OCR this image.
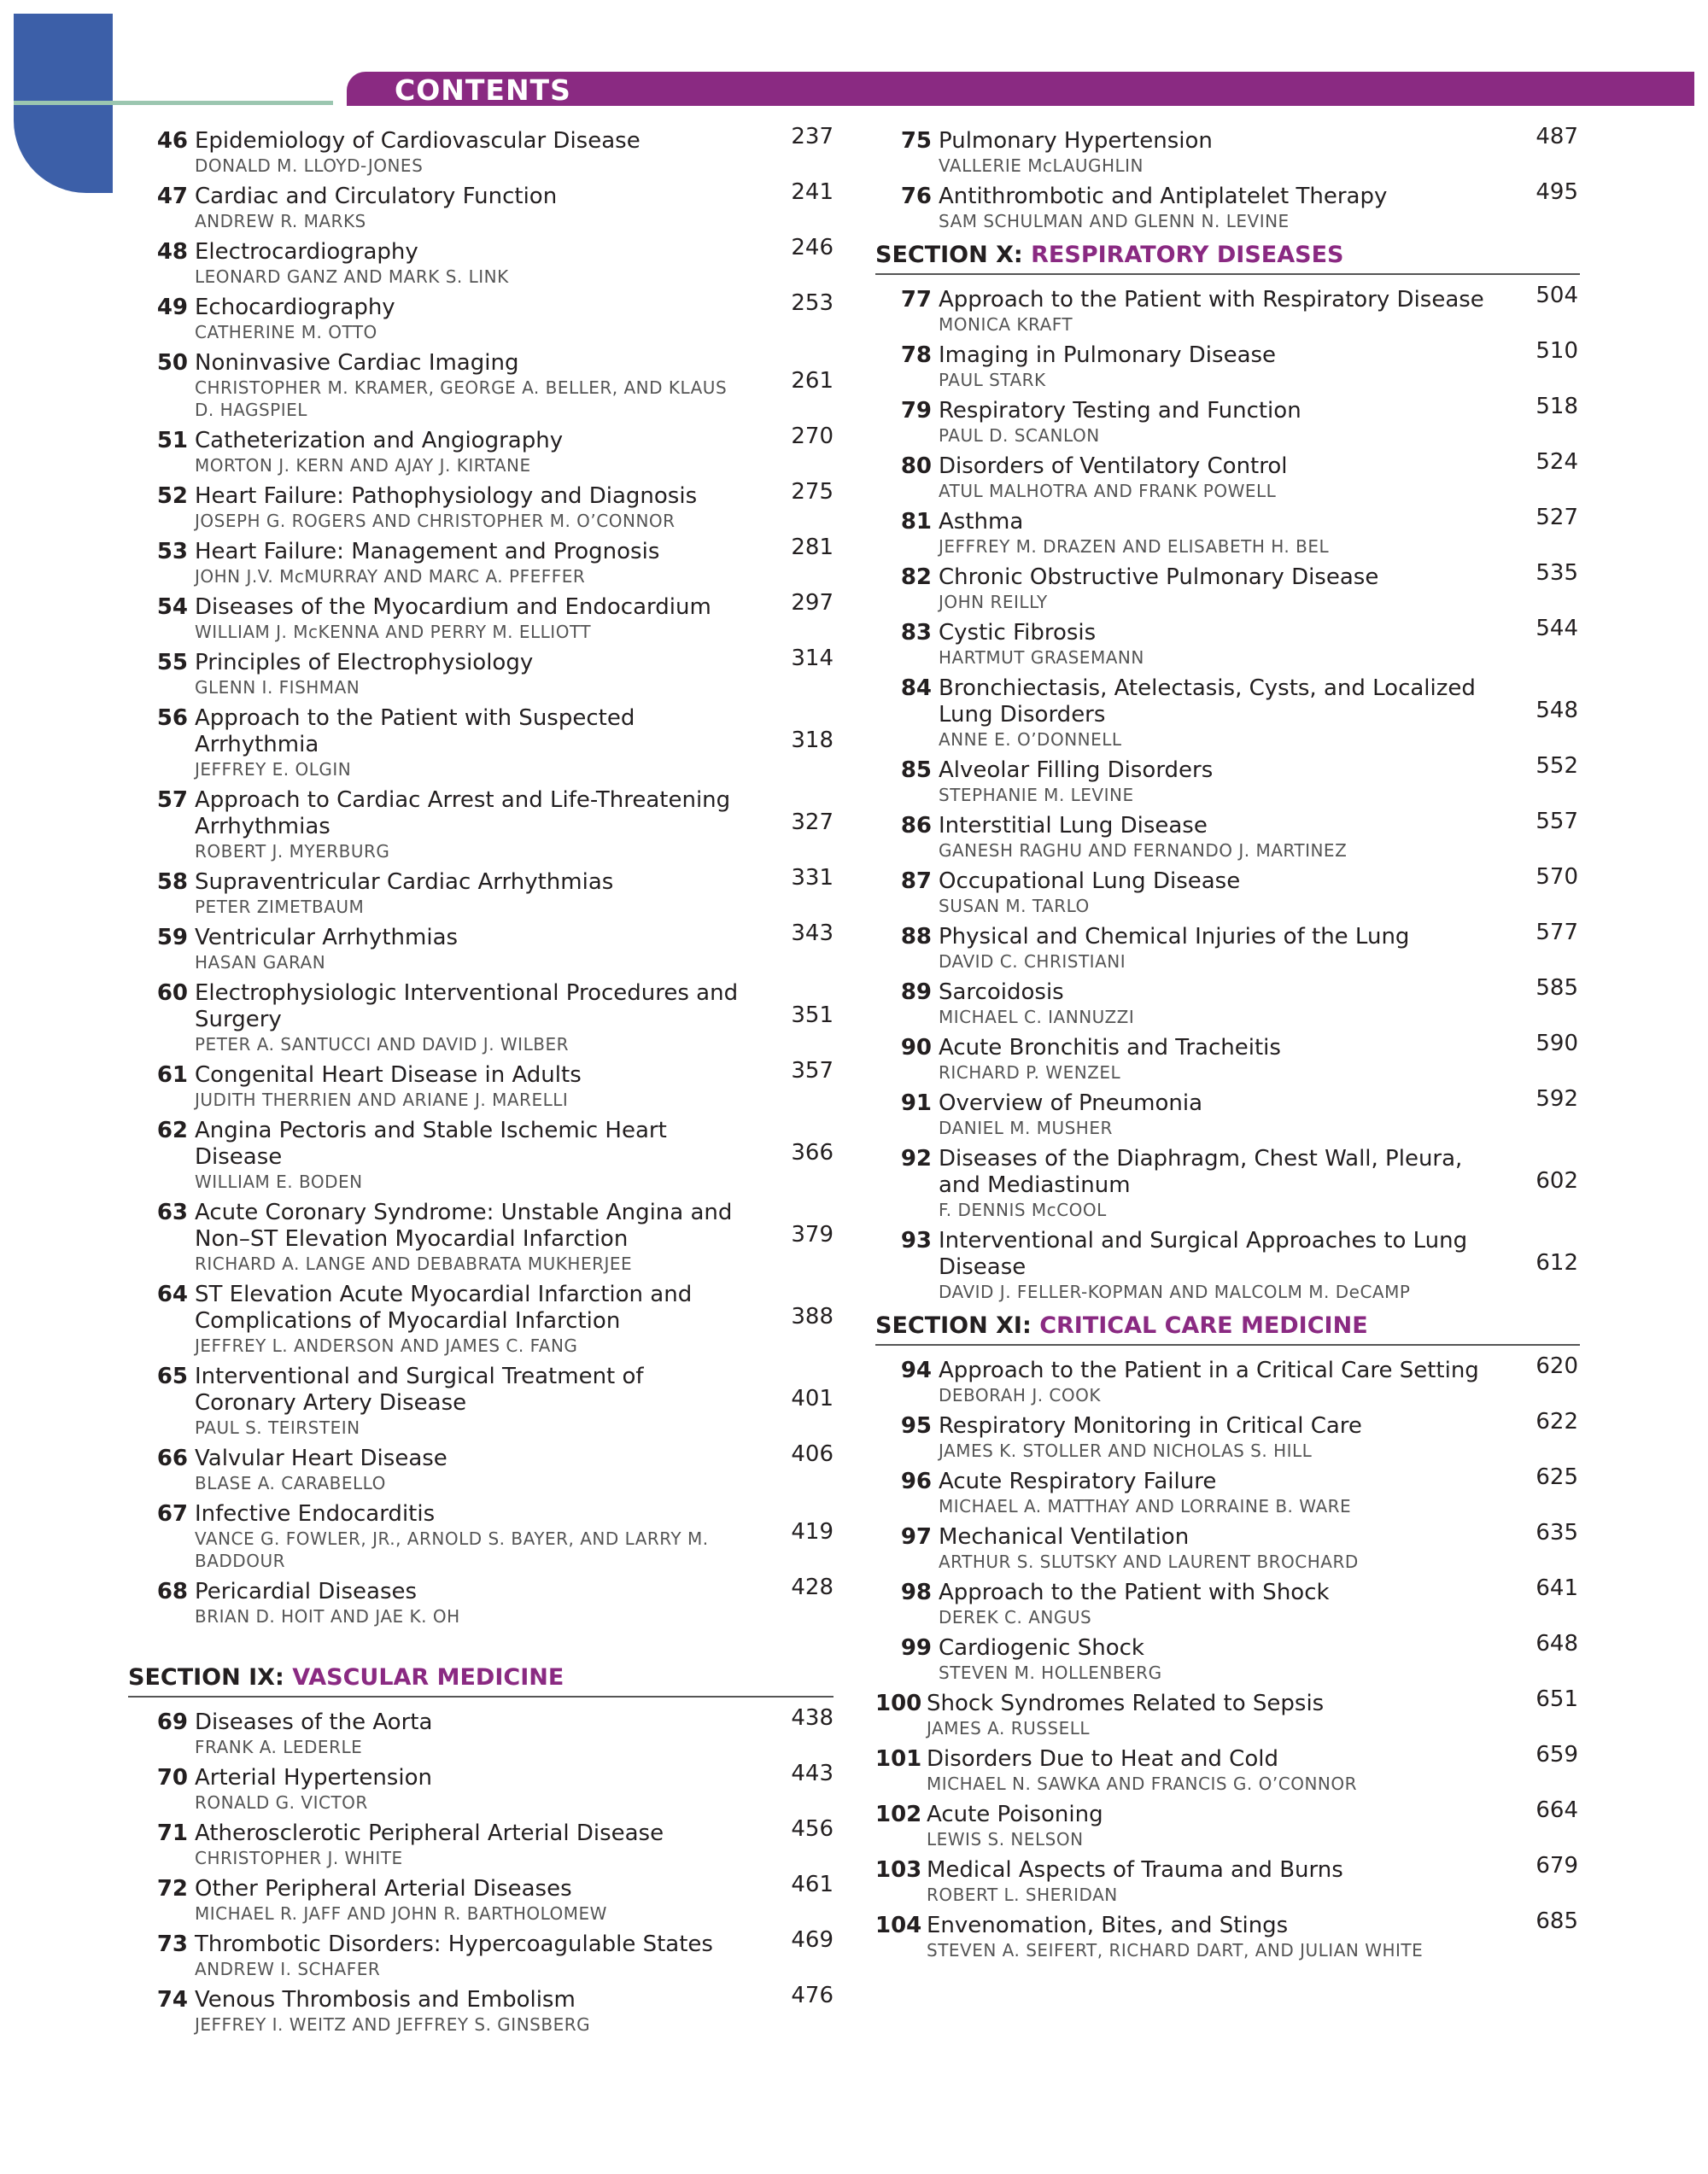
xxxii	CONTENTS
46 Epidemiology of Cardiovascular Disease
DONALD M. LLOYD-JONES
237
47 Cardiac and Circulatory Function
ANDREW R. MARKS
241
48 Electrocardiography
LEONARD GANZ AND MARK S. LINK
246
49 Echocardiography
CATHERINE M. OTTO
253
50 Noninvasive Cardiac Imaging
CHRISTOPHER M. KRAMER, GEORGE A. BELLER, AND KLAUS D. HAGSPIEL
261
51 Catheterization and Angiography
MORTON J. KERN AND AJAY J. KIRTANE
270
52 Heart Failure: Pathophysiology and Diagnosis
JOSEPH G. ROGERS AND CHRISTOPHER M. O’CONNOR
275
53 Heart Failure: Management and Prognosis
JOHN J.V. McMURRAY AND MARC A. PFEFFER
281
54 Diseases of the Myocardium and Endocardium
WILLIAM J. McKENNA AND PERRY M. ELLIOTT
297
55 Principles of Electrophysiology
GLENN I. FISHMAN
314
56 Approach to the Patient with Suspected Arrhythmia
JEFFREY E. OLGIN
318
57 Approach to Cardiac Arrest and Life-Threatening Arrhythmias
ROBERT J. MYERBURG
327
58 Supraventricular Cardiac Arrhythmias
PETER ZIMETBAUM
331
59 Ventricular Arrhythmias
HASAN GARAN
343
60 Electrophysiologic Interventional Procedures and Surgery
PETER A. SANTUCCI AND DAVID J. WILBER
351
61 Congenital Heart Disease in Adults
JUDITH THERRIEN AND ARIANE J. MARELLI
357
62 Angina Pectoris and Stable Ischemic Heart Disease
WILLIAM E. BODEN
366
63 Acute Coronary Syndrome: Unstable Angina and Non–ST Elevation Myocardial Infarction
RICHARD A. LANGE AND DEBABRATA MUKHERJEE
379
64 ST Elevation Acute Myocardial Infarction and Complications of Myocardial Infarction
JEFFREY L. ANDERSON AND JAMES C. FANG
388
65 Interventional and Surgical Treatment of Coronary Artery Disease
PAUL S. TEIRSTEIN
401
66 Valvular Heart Disease
BLASE A. CARABELLO
406
67 Infective Endocarditis
VANCE G. FOWLER, JR., ARNOLD S. BAYER, AND LARRY M. BADDOUR
419
68 Pericardial Diseases
BRIAN D. HOIT AND JAE K. OH
428
SECTION IX: VASCULAR MEDICINE
69 Diseases of the Aorta
FRANK A. LEDERLE
438
70 Arterial Hypertension
RONALD G. VICTOR
443
71 Atherosclerotic Peripheral Arterial Disease
CHRISTOPHER J. WHITE
456
72 Other Peripheral Arterial Diseases
MICHAEL R. JAFF AND JOHN R. BARTHOLOMEW
461
73 Thrombotic Disorders: Hypercoagulable States
ANDREW I. SCHAFER
469
74 Venous Thrombosis and Embolism
JEFFREY I. WEITZ AND JEFFREY S. GINSBERG
476
75 Pulmonary Hypertension
VALLERIE McLAUGHLIN
487
76 Antithrombotic and Antiplatelet Therapy
SAM SCHULMAN AND GLENN N. LEVINE
495
SECTION X: RESPIRATORY DISEASES
77 Approach to the Patient with Respiratory Disease
MONICA KRAFT
504
78 Imaging in Pulmonary Disease
PAUL STARK
510
79 Respiratory Testing and Function
PAUL D. SCANLON
518
80 Disorders of Ventilatory Control
ATUL MALHOTRA AND FRANK POWELL
524
81 Asthma
JEFFREY M. DRAZEN AND ELISABETH H. BEL
527
82 Chronic Obstructive Pulmonary Disease
JOHN REILLY
535
83 Cystic Fibrosis
HARTMUT GRASEMANN
544
84 Bronchiectasis, Atelectasis, Cysts, and Localized Lung Disorders
ANNE E. O’DONNELL
548
85 Alveolar Filling Disorders
STEPHANIE M. LEVINE
552
86 Interstitial Lung Disease
GANESH RAGHU AND FERNANDO J. MARTINEZ
557
87 Occupational Lung Disease
SUSAN M. TARLO
570
88 Physical and Chemical Injuries of the Lung
DAVID C. CHRISTIANI
577
89 Sarcoidosis
MICHAEL C. IANNUZZI
585
90 Acute Bronchitis and Tracheitis
RICHARD P. WENZEL
590
91 Overview of Pneumonia
DANIEL M. MUSHER
592
92 Diseases of the Diaphragm, Chest Wall, Pleura, and Mediastinum
F. DENNIS McCOOL
602
93 Interventional and Surgical Approaches to Lung Disease
DAVID J. FELLER-KOPMAN AND MALCOLM M. DeCAMP
612
SECTION XI: CRITICAL CARE MEDICINE
94 Approach to the Patient in a Critical Care Setting
DEBORAH J. COOK
620
95 Respiratory Monitoring in Critical Care
JAMES K. STOLLER AND NICHOLAS S. HILL
622
96 Acute Respiratory Failure
MICHAEL A. MATTHAY AND LORRAINE B. WARE
625
97 Mechanical Ventilation
ARTHUR S. SLUTSKY AND LAURENT BROCHARD
635
98 Approach to the Patient with Shock
DEREK C. ANGUS
641
99 Cardiogenic Shock
STEVEN M. HOLLENBERG
648
100 Shock Syndromes Related to Sepsis
JAMES A. RUSSELL
651
101 Disorders Due to Heat and Cold
MICHAEL N. SAWKA AND FRANCIS G. O’CONNOR
659
102 Acute Poisoning
LEWIS S. NELSON
664
103 Medical Aspects of Trauma and Burns
ROBERT L. SHERIDAN
679
104 Envenomation, Bites, and Stings
STEVEN A. SEIFERT, RICHARD DART, AND JULIAN WHITE
685
